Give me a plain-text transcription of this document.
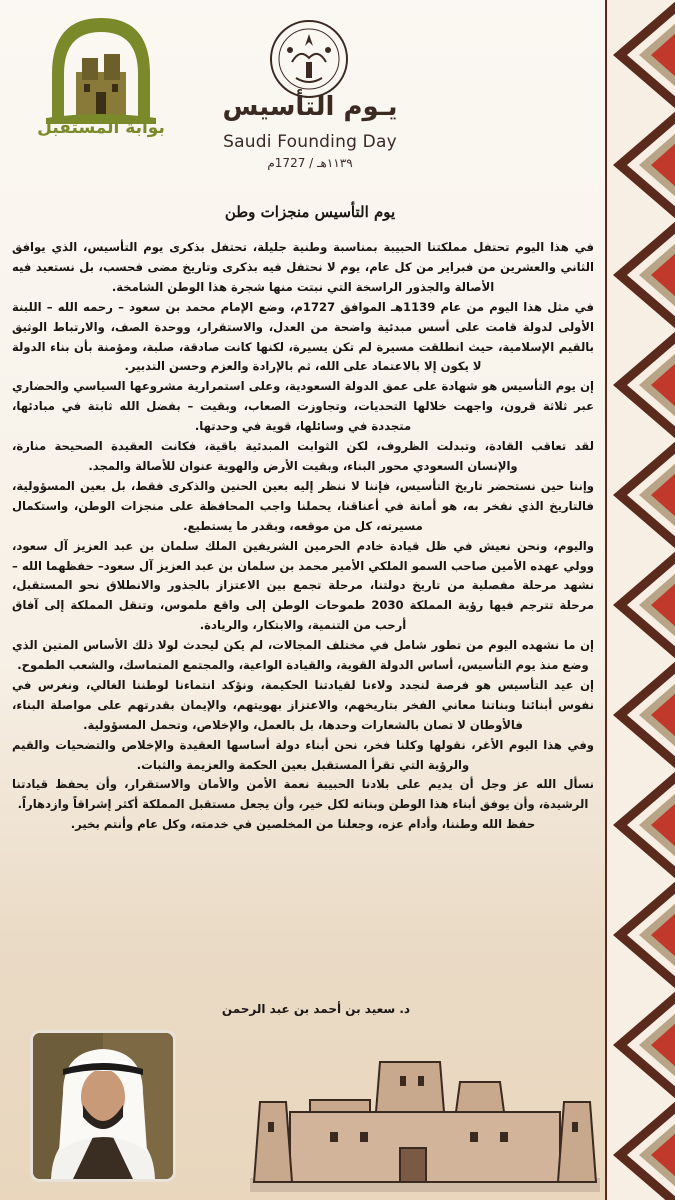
بوابة المستقبل
يـوم التأسيس
Saudi Founding Day
١١٣٩هـ / 1727م
يوم التأسيس منجزات وطن

في هذا اليوم تحتفل مملكتنا الحبيبة بمناسبة وطنية جليلة، تحتفل بذكرى يوم التأسيس، الذي يوافق الثاني والعشرين من فبراير من كل عام، يوم لا نحتفل فيه بذكرى وتاريخ مضى فحسب، بل نستعيد فيه الأصالة والجذور الراسخة التي نبتت منها شجرة هذا الوطن الشامخة.

في مثل هذا اليوم من عام 1139هـ الموافق 1727م، وضع الإمام محمد بن سعود – رحمه الله – اللبنة الأولى لدولة قامت على أسس مبدئية واضحة من العدل، والاستقرار، ووحدة الصف، والارتباط الوثيق بالقيم الإسلامية، حيث انطلقت مسيرة لم تكن يسيرة، لكنها كانت صادقة، صلبة، ومؤمنة بأن بناء الدولة لا يكون إلا بالاعتماد على الله، ثم بالإرادة والعزم وحسن التدبير.

إن يوم التأسيس هو شهادة على عمق الدولة السعودية، وعلى استمرارية مشروعها السياسي والحضاري عبر ثلاثة قرون، واجهت خلالها التحديات، وتجاوزت الصعاب، وبقيت – بفضل الله ثابتة في مبادئها، متجددة في وسائلها، قوية في وحدتها.

لقد تعاقب القادة، وتبدلت الظروف، لكن الثوابت المبدئية باقية، فكانت العقيدة الصحيحة منارة، والإنسان السعودي محور البناء، وبقيت الأرض والهوية عنوان للأصالة والمجد.

وإننا حين نستحضر تاريخ التأسيس، فإننا لا ننظر إليه بعين الحنين والذكرى فقط، بل بعين المسؤولية، فالتاريخ الذي نفخر به، هو أمانة في أعناقنا، يحملنا واجب المحافظة على منجزات الوطن، واستكمال مسيرته، كل من موقعه، وبقدر ما يستطيع.

واليوم، ونحن نعيش في ظل قيادة خادم الحرمين الشريفين الملك سلمان بن عبد العزيز آل سعود، وولي عهده الأمين صاحب السمو الملكي الأمير محمد بن سلمان بن عبد العزيز آل سعود– حفظهما الله – نشهد مرحلة مفصلية من تاريخ دولتنا، مرحلة تجمع بين الاعتزاز بالجذور والانطلاق نحو المستقبل، مرحلة تترجم فيها رؤية المملكة 2030 طموحات الوطن إلى واقع ملموس، وتنقل المملكة إلى آفاق أرحب من التنمية، والابتكار، والريادة.

إن ما نشهده اليوم من تطور شامل في مختلف المجالات، لم يكن ليحدث لولا ذلك الأساس المتين الذي وضع منذ يوم التأسيس، أساس الدولة القوية، والقيادة الواعية، والمجتمع المتماسك، والشعب الطموح.

إن عيد التأسيس هو فرصة لنجدد ولاءنا لقيادتنا الحكيمة، ونؤكد انتماءنا لوطننا الغالي، ونغرس في نفوس أبنائنا وبناتنا معاني الفخر بتاريخهم، والاعتزاز بهويتهم، والإيمان بقدرتهم على مواصلة البناء، فالأوطان لا تصان بالشعارات وحدها، بل بالعمل، والإخلاص، وتحمل المسؤولية.

وفي هذا اليوم الأغر، نقولها وكلنا فخر، نحن أبناء دولة أساسها العقيدة والإخلاص والتضحيات والقيم والرؤية التي تقرأ المستقبل بعين الحكمة والعزيمة والثبات.

نسأل الله عز وجل أن يديم على بلادنا الحبيبة نعمة الأمن والأمان والاستقرار، وأن يحفظ قيادتنا الرشيدة، وأن يوفق أبناء هذا الوطن وبناته لكل خير، وأن يجعل مستقبل المملكة أكثر إشراقاً وازدهاراً.

حفظ الله وطننا، وأدام عزه، وجعلنا من المخلصين في خدمته، وكل عام وأنتم بخير.

د. سعيد بن أحمد بن عبد الرحمن
